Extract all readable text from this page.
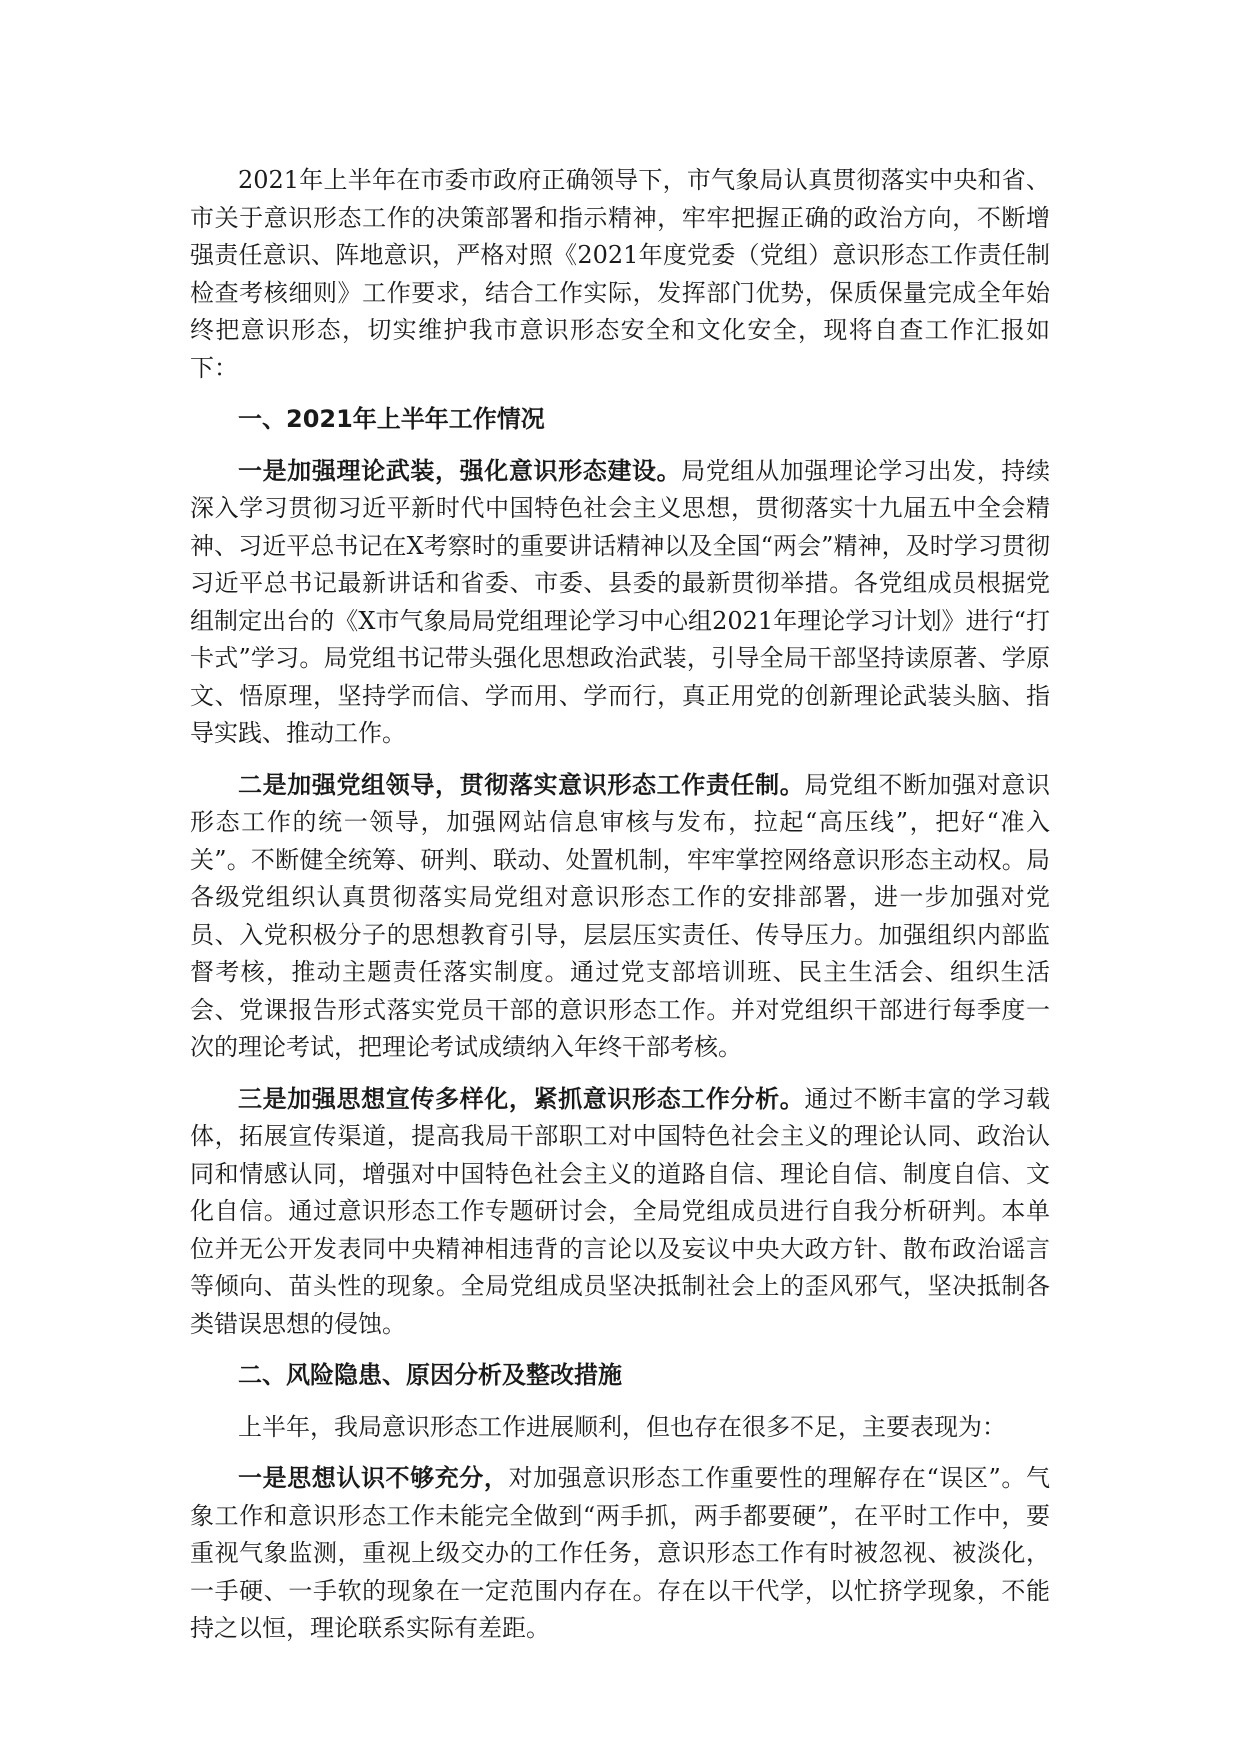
2021年上半年在市委市政府正确领导下，市气象局认真贯彻落实中央和省、市关于意识形态工作的决策部署和指示精神，牢牢把握正确的政治方向，不断增强责任意识、阵地意识，严格对照《2021年度党委（党组）意识形态工作责任制检查考核细则》工作要求，结合工作实际，发挥部门优势，保质保量完成全年始终把意识形态，切实维护我市意识形态安全和文化安全，现将自查工作汇报如下：

一、2021年上半年工作情况

一是加强理论武装，强化意识形态建设。局党组从加强理论学习出发，持续深入学习贯彻习近平新时代中国特色社会主义思想，贯彻落实十九届五中全会精神、习近平总书记在X考察时的重要讲话精神以及全国“两会”精神，及时学习贯彻习近平总书记最新讲话和省委、市委、县委的最新贯彻举措。各党组成员根据党组制定出台的《X市气象局局党组理论学习中心组2021年理论学习计划》进行“打卡式”学习。局党组书记带头强化思想政治武装，引导全局干部坚持读原著、学原文、悟原理，坚持学而信、学而用、学而行，真正用党的创新理论武装头脑、指导实践、推动工作。

二是加强党组领导，贯彻落实意识形态工作责任制。局党组不断加强对意识形态工作的统一领导，加强网站信息审核与发布，拉起“高压线”，把好“准入关”。不断健全统筹、研判、联动、处置机制，牢牢掌控网络意识形态主动权。局各级党组织认真贯彻落实局党组对意识形态工作的安排部署，进一步加强对党员、入党积极分子的思想教育引导，层层压实责任、传导压力。加强组织内部监督考核，推动主题责任落实制度。通过党支部培训班、民主生活会、组织生活会、党课报告形式落实党员干部的意识形态工作。并对党组织干部进行每季度一次的理论考试，把理论考试成绩纳入年终干部考核。

三是加强思想宣传多样化，紧抓意识形态工作分析。通过不断丰富的学习载体，拓展宣传渠道，提高我局干部职工对中国特色社会主义的理论认同、政治认同和情感认同，增强对中国特色社会主义的道路自信、理论自信、制度自信、文化自信。通过意识形态工作专题研讨会，全局党组成员进行自我分析研判。本单位并无公开发表同中央精神相违背的言论以及妄议中央大政方针、散布政治谣言等倾向、苗头性的现象。全局党组成员坚决抵制社会上的歪风邪气，坚决抵制各类错误思想的侵蚀。

二、风险隐患、原因分析及整改措施

上半年，我局意识形态工作进展顺利，但也存在很多不足，主要表现为：

一是思想认识不够充分，对加强意识形态工作重要性的理解存在“误区”。气象工作和意识形态工作未能完全做到“两手抓，两手都要硬”，在平时工作中，要重视气象监测，重视上级交办的工作任务，意识形态工作有时被忽视、被淡化，一手硬、一手软的现象在一定范围内存在。存在以干代学，以忙挤学现象，不能持之以恒，理论联系实际有差距。
